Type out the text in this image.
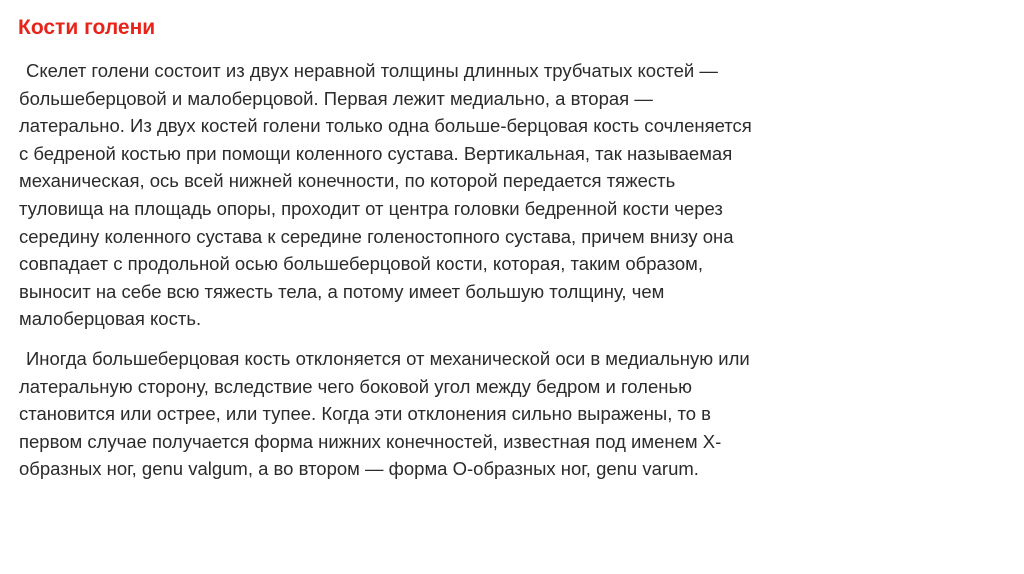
Кости голени
Скелет голени состоит из двух неравной толщины длинных трубчатых костей —
большеберцовой и малоберцовой. Первая лежит медиально, а вторая —
латерально. Из двух костей голени только одна больше-берцовая кость сочленяется
с бедреной костью при помощи коленного сустава. Вертикальная, так называемая
механическая, ось всей нижней конечности, по которой передается тяжесть
туловища на площадь опоры, проходит от центра головки бедренной кости через
середину коленного сустава к середине голеностопного сустава, причем внизу она
совпадает с продольной осью большеберцовой кости, которая, таким образом,
выносит на себе всю тяжесть тела, а потому имеет большую толщину, чем
малоберцовая кость.
Иногда большеберцовая кость отклоняется от механической оси в медиальную или
латеральную сторону, вследствие чего боковой угол между бедром и голенью
становится или острее, или тупее. Когда эти отклонения сильно выражены, то в
первом случае получается форма нижних конечностей, известная под именем X-
образных ног, genu valgum, а во втором — форма O-образных ног, genu varum.
